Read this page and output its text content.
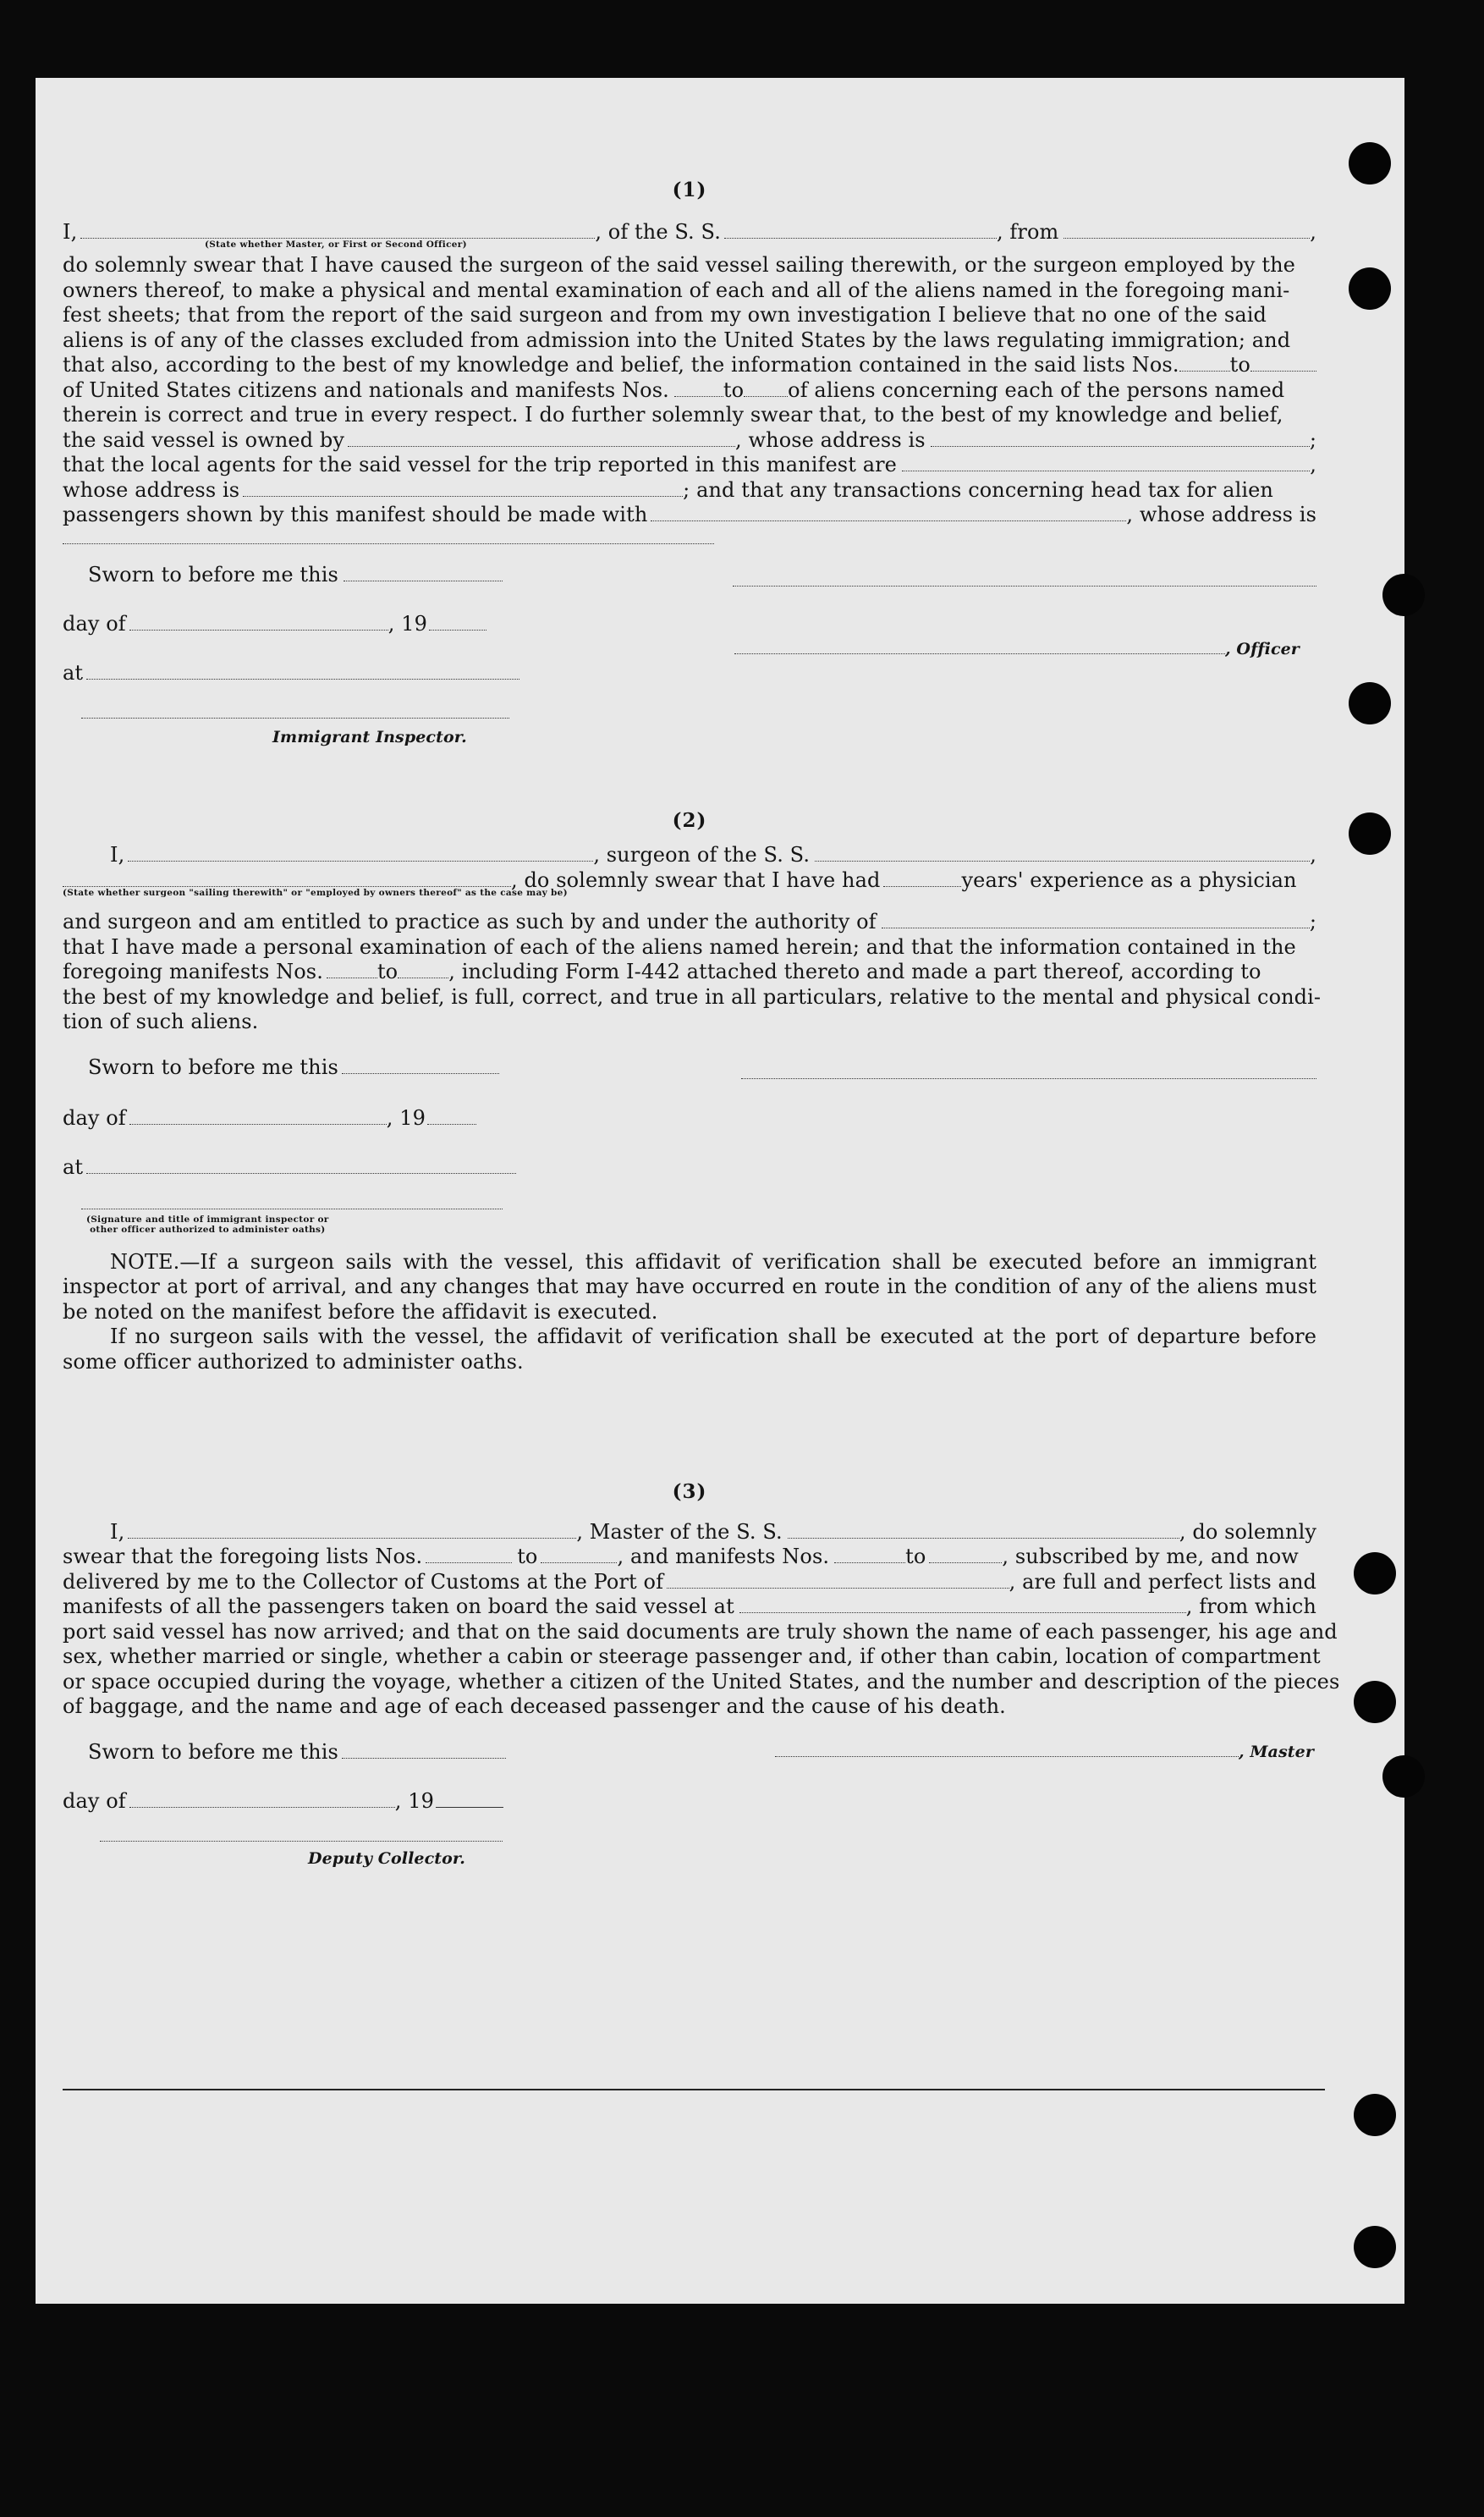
(1)
I,	, of the S. S.	, from	,
(State whether Master, or First or Second Officer)
do solemnly swear that I have caused the surgeon of the said vessel sailing therewith, or the surgeon employed by the
owners thereof, to make a physical and mental examination of each and all of the aliens named in the foregoing mani-
fest sheets; that from the report of the said surgeon and from my own investigation I believe that no one of the said
aliens is of any of the classes excluded from admission into the United States by the laws regulating immigration; and
that also, according to the best of my knowledge and belief, the information contained in the said lists Nos.	to
of United States citizens and nationals and manifests Nos.	to of aliens concerning each of the persons named
therein is correct and true in every respect. I do further solemnly swear that, to the best of my knowledge and belief,
the said vessel is owned by	, whose address is	;
that the local agents for the said vessel for the trip reported in this manifest are	,
whose address is	; and that any transactions concerning head tax for alien
passengers shown by this manifest should be made with	, whose address is
Sworn to before me this
day of	, 19
at
Immigrant Inspector.
, Officer
(2)
I,	, surgeon of the S. S.	,
, do solemnly swear that I have had	years' experience as a physician
(State whether surgeon "sailing therewith" or "employed by owners thereof" as the case may be)
and surgeon and am entitled to practice as such by and under the authority of	;
that I have made a personal examination of each of the aliens named herein; and that the information contained in the
foregoing manifests Nos.	to	, including Form I-442 attached thereto and made a part thereof, according to
the best of my knowledge and belief, is full, correct, and true in all particulars, relative to the mental and physical condi-
tion of such aliens.
Sworn to before me this
day of	, 19
at
(Signature and title of immigrant inspector or
other officer authorized to administer oaths)
NOTE.—If a surgeon sails with the vessel, this affidavit of verification shall be executed before an immigrant inspector at port of arrival, and any changes that may have occurred en route in the condition of any of the aliens must be noted on the manifest before the affidavit is executed.
If no surgeon sails with the vessel, the affidavit of verification shall be executed at the port of departure before some officer authorized to administer oaths.
(3)
I,	, Master of the S. S.	, do solemnly
swear that the foregoing lists Nos.	to	, and manifests Nos.	to	, subscribed by me, and now
delivered by me to the Collector of Customs at the Port of	, are full and perfect lists and
manifests of all the passengers taken on board the said vessel at	, from which
port said vessel has now arrived; and that on the said documents are truly shown the name of each passenger, his age and
sex, whether married or single, whether a cabin or steerage passenger and, if other than cabin, location of compartment
or space occupied during the voyage, whether a citizen of the United States, and the number and description of the pieces
of baggage, and the name and age of each deceased passenger and the cause of his death.
Sworn to before me this	, Master
day of	, 19
Deputy Collector.
